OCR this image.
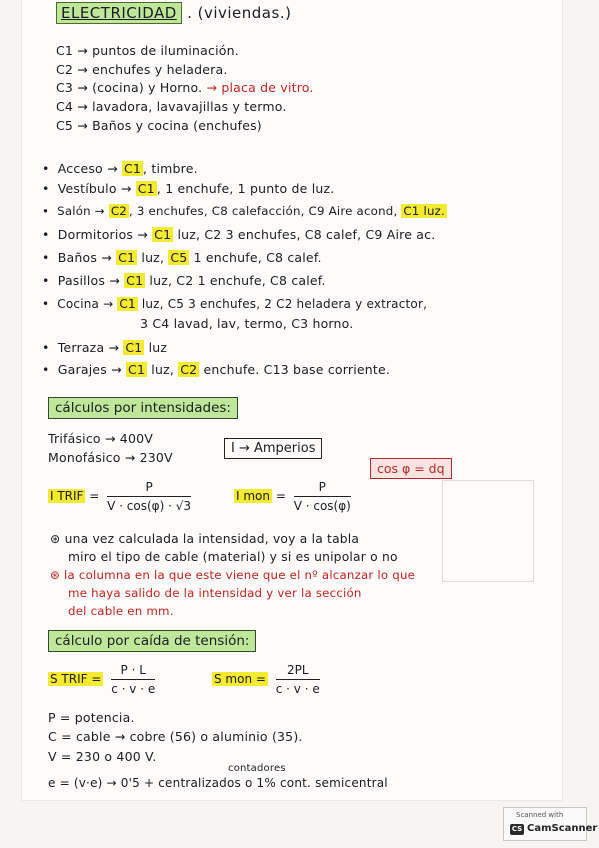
ELECTRICIDAD . (viviendas.)
C1 → puntos de iluminación.
C2 → enchufes y heladera.
C3 → (cocina) y Horno. → placa de vitro.
C4 → lavadora, lavavajillas y termo.
C5 → Baños y cocina (enchufes)
• Acceso → C1 , timbre.
• Vestíbulo → C1 , 1 enchufe, 1 punto de luz.
• Salón → C2 , 3 enchufes, C8 calefacción, C9 Aire acond, C1 luz.
• Dormitorios → C1 luz, C2 3 enchufes, C8 calef, C9 Aire ac.
• Baños → C1 luz, C5 1 enchufe, C8 calef.
• Pasillos → C1 luz, C2 1 enchufe, C8 calef.
• Cocina → C1 luz, C5 3 enchufes, 2 C2 heladera y extractor,
3 C4 lavad, lav, termo, C3 horno.
• Terraza → C1 luz
• Garajes → C1 luz, C2 enchufe. C13 base corriente.
cálculos por intensidades:
Trifásico → 400V
Monofásico → 230V
I → Amperios
cos φ = dq
I TRIF = $\frac{P}{V \cdot \cos(\varphi) \cdot √3}$	I mon = $\frac{P}{V \cdot \cos(\varphi)}$
⊛ una vez calculada la intensidad, voy a la tabla
miro el tipo de cable (material) y si es unipolar o no
⊛ la columna en la que este viene que el nº alcanzar lo que
me haya salido de la intensidad y ver la sección
del cable en mm.
cálculo por caída de tensión:
S TRIF = $\frac{P \cdot L}{c \cdot v \cdot e}$	S mon = $\frac{2PL}{c \cdot v \cdot e}$
P = potencia.
C = cable → cobre (56) o aluminio (35).
V = 230 o 400 V.
contadores
e = (v·e) → 0'5 + centralizados o 1% cont. semicentral
Scanned with
CS CamScanner
